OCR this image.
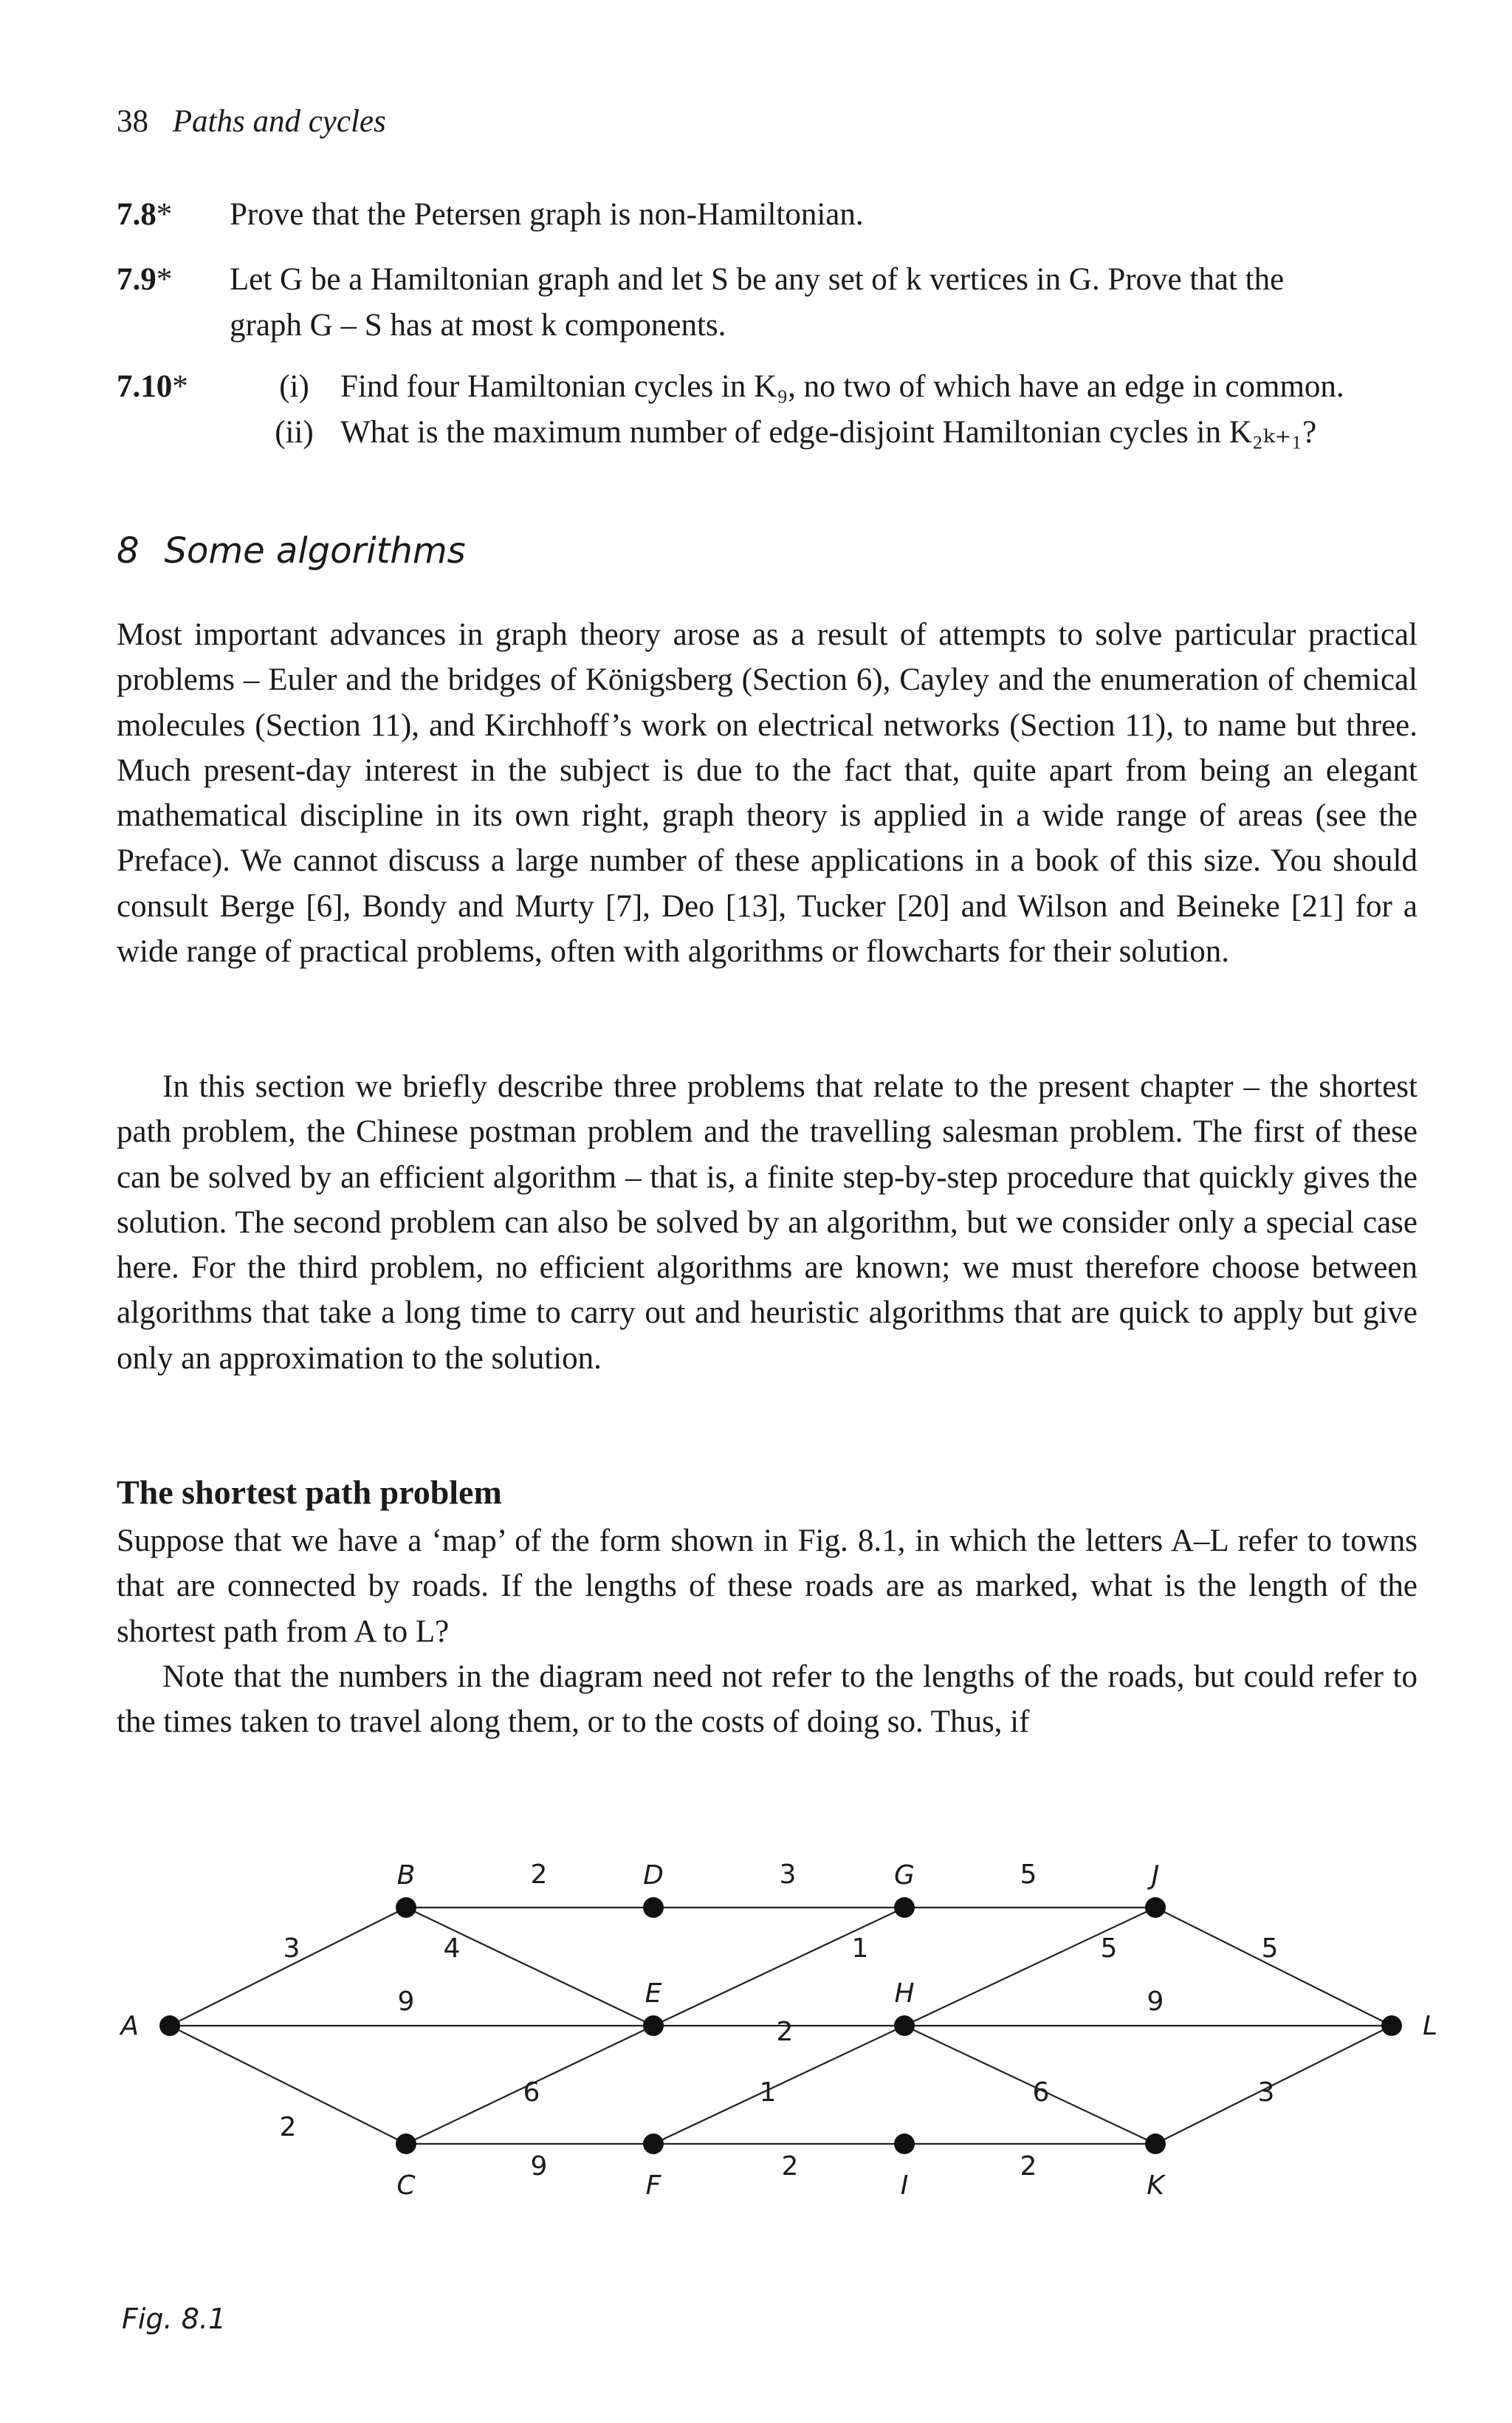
38 Paths and cycles
7.8* Prove that the Petersen graph is non-Hamiltonian.
7.9* Let G be a Hamiltonian graph and let S be any set of k vertices in G. Prove that the
graph G – S has at most k components.
7.10*	(i) Find four Hamiltonian cycles in K₉, no two of which have an edge in common.
(ii) What is the maximum number of edge-disjoint Hamiltonian cycles in K₂ₖ₊₁?
8 Some algorithms

Most important advances in graph theory arose as a result of attempts to solve particular practical problems – Euler and the bridges of Königsberg (Section 6), Cayley and the enumeration of chemical molecules (Section 11), and Kirchhoff’s work on electrical networks (Section 11), to name but three. Much present-day interest in the subject is due to the fact that, quite apart from being an elegant mathematical discipline in its own right, graph theory is applied in a wide range of areas (see the Preface). We cannot discuss a large number of these applications in a book of this size. You should consult Berge [6], Bondy and Murty [7], Deo [13], Tucker [20] and Wilson and Beineke [21] for a wide range of practical problems, often with algorithms or flowcharts for their solution.

In this section we briefly describe three problems that relate to the present chapter – the shortest path problem, the Chinese postman problem and the travelling salesman problem. The first of these can be solved by an efficient algorithm – that is, a finite step-by-step procedure that quickly gives the solution. The second problem can also be solved by an algorithm, but we consider only a special case here. For the third problem, no efficient algorithms are known; we must therefore choose between algorithms that take a long time to carry out and heuristic algorithms that are quick to apply but give only an approximation to the solution.

The shortest path problem

Suppose that we have a ‘map’ of the form shown in Fig. 8.1, in which the letters A–L refer to towns that are connected by roads. If the lengths of these roads are as marked, what is the length of the shortest path from A to L?

Note that the numbers in the diagram need not refer to the lengths of the roads, but could refer to the times taken to travel along them, or to the costs of doing so. Thus, if

3
9
2
2
4
6
9
3
1
2
1
2
5
5
9
6
2
5
3
A
B
C
D
E
F
G
H
I
J
K
L
Fig. 8.1
